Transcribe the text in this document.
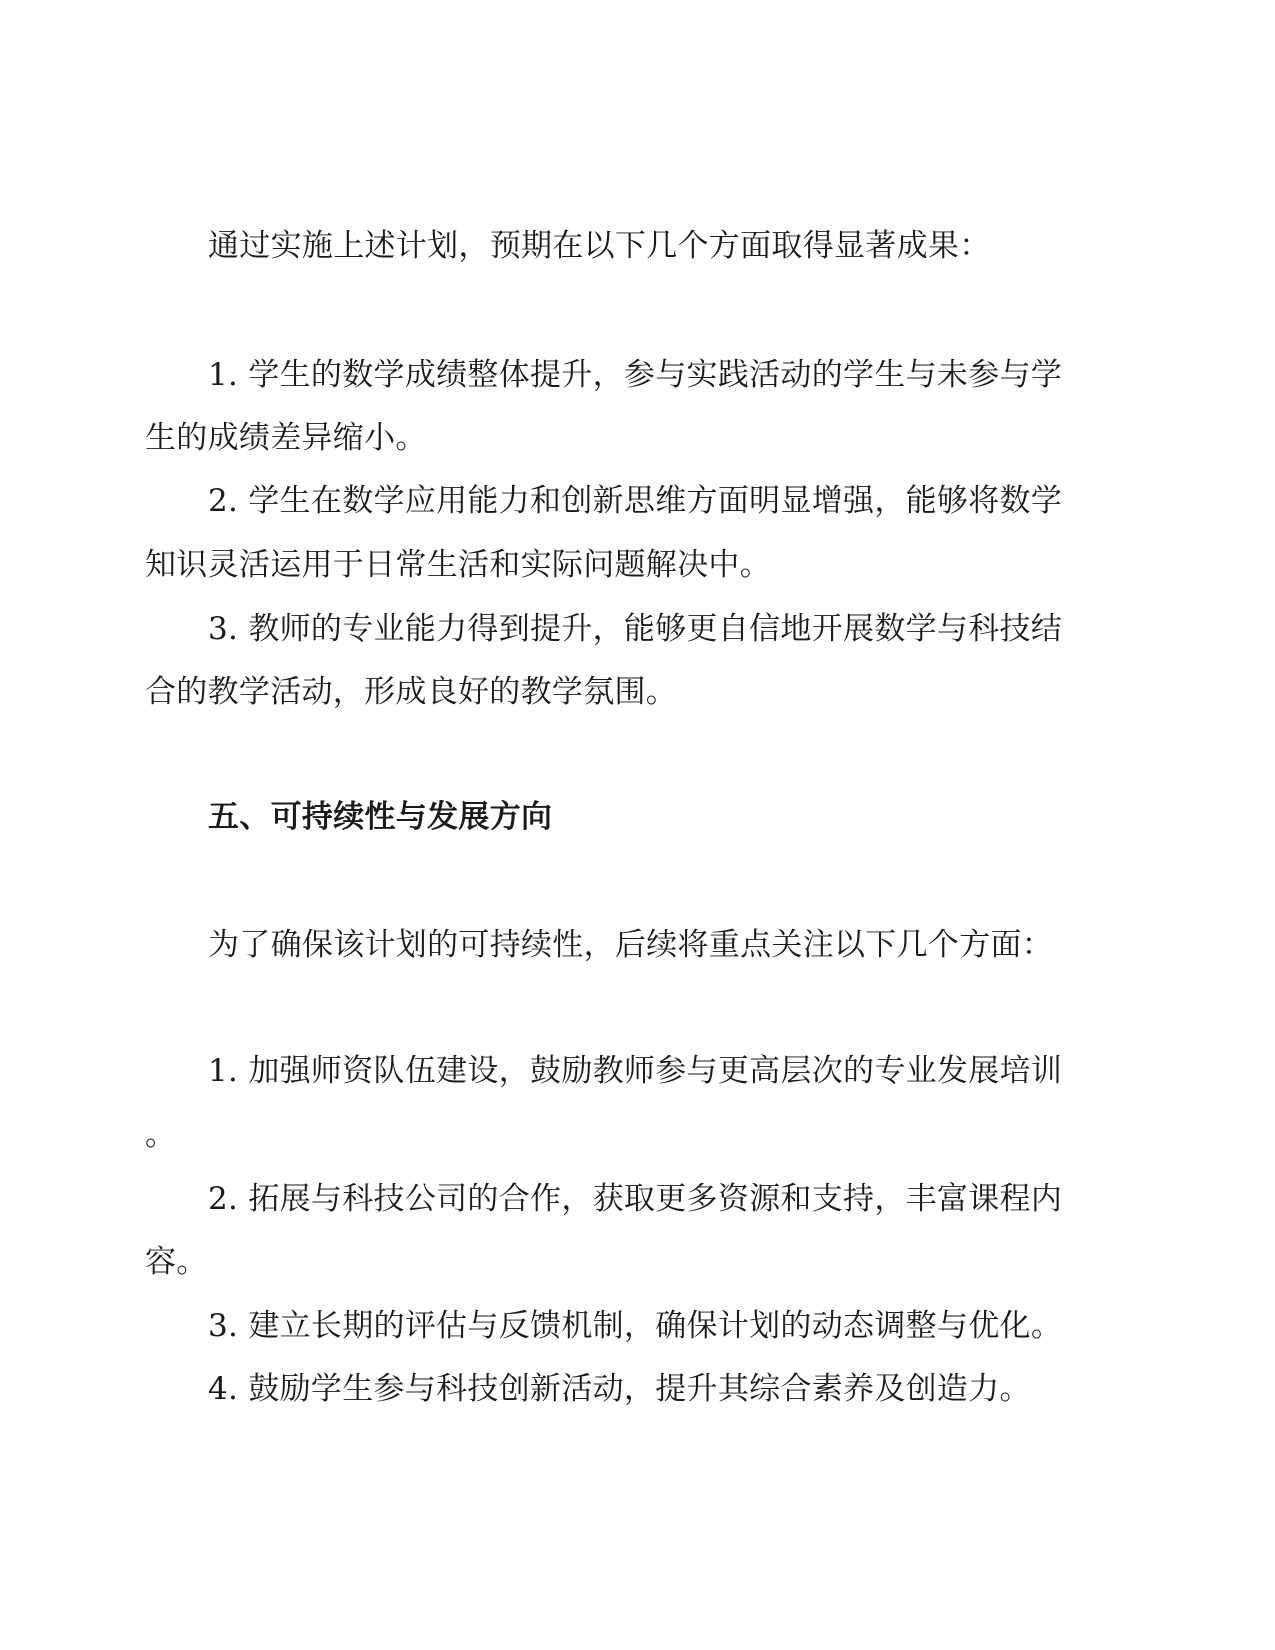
通过实施上述计划，预期在以下几个方面取得显著成果：
1. 学生的数学成绩整体提升，参与实践活动的学生与未参与学
生的成绩差异缩小。
2. 学生在数学应用能力和创新思维方面明显增强，能够将数学
知识灵活运用于日常生活和实际问题解决中。
3. 教师的专业能力得到提升，能够更自信地开展数学与科技结
合的教学活动，形成良好的教学氛围。
五、可持续性与发展方向
为了确保该计划的可持续性，后续将重点关注以下几个方面：
1. 加强师资队伍建设，鼓励教师参与更高层次的专业发展培训
。
2. 拓展与科技公司的合作，获取更多资源和支持，丰富课程内
容。
3. 建立长期的评估与反馈机制，确保计划的动态调整与优化。
4. 鼓励学生参与科技创新活动，提升其综合素养及创造力。
